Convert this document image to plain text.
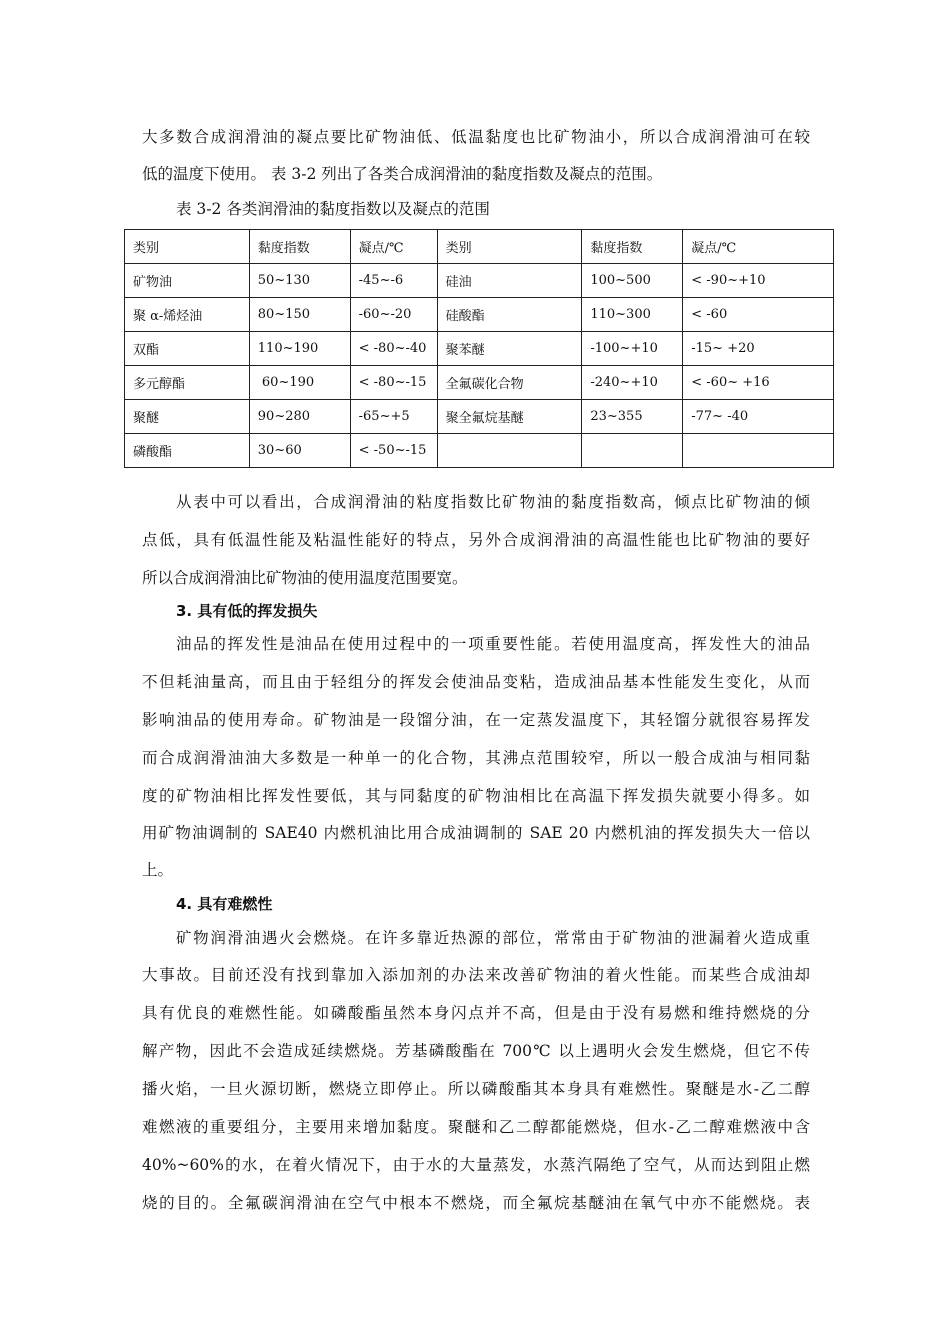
大多数合成润滑油的凝点要比矿物油低、低温黏度也比矿物油小，所以合成润滑油可在较
低的温度下使用。 表 3-2 列出了各类合成润滑油的黏度指数及凝点的范围。
表 3-2 各类润滑油的黏度指数以及凝点的范围
类别	黏度指数	凝点/℃	类别	黏度指数	凝点/℃
矿物油	50~130	-45~-6	硅油	100~500	< -90~+10
聚 α-烯烃油	80~150	-60~-20	硅酸酯	110~300	< -60
双酯	110~190	< -80~-40	聚苯醚	-100~+10	-15~ +20
多元醇酯	60~190	< -80~-15	全氟碳化合物	-240~+10	< -60~ +16
聚醚	90~280	-65~+5	聚全氟烷基醚	23~355	-77~ -40
磷酸酯	30~60	< -50~-15			
从表中可以看出，合成润滑油的粘度指数比矿物油的黏度指数高，倾点比矿物油的倾
点低，具有低温性能及粘温性能好的特点，另外合成润滑油的高温性能也比矿物油的要好
所以合成润滑油比矿物油的使用温度范围要宽。
3. 具有低的挥发损失
油品的挥发性是油品在使用过程中的一项重要性能。若使用温度高，挥发性大的油品
不但耗油量高，而且由于轻组分的挥发会使油品变粘，造成油品基本性能发生变化，从而
影响油品的使用寿命。矿物油是一段馏分油，在一定蒸发温度下，其轻馏分就很容易挥发
而合成润滑油油大多数是一种单一的化合物，其沸点范围较窄，所以一般合成油与相同黏
度的矿物油相比挥发性要低，其与同黏度的矿物油相比在高温下挥发损失就要小得多。如
用矿物油调制的 SAE40 内燃机油比用合成油调制的 SAE 20 内燃机油的挥发损失大一倍以
上。
4. 具有难燃性
矿物润滑油遇火会燃烧。在许多靠近热源的部位，常常由于矿物油的泄漏着火造成重
大事故。目前还没有找到靠加入添加剂的办法来改善矿物油的着火性能。而某些合成油却
具有优良的难燃性能。如磷酸酯虽然本身闪点并不高，但是由于没有易燃和维持燃烧的分
解产物，因此不会造成延续燃烧。芳基磷酸酯在 700℃ 以上遇明火会发生燃烧，但它不传
播火焰，一旦火源切断，燃烧立即停止。所以磷酸酯其本身具有难燃性。聚醚是水-乙二醇
难燃液的重要组分，主要用来增加黏度。聚醚和乙二醇都能燃烧，但水-乙二醇难燃液中含
40%~60%的水，在着火情况下，由于水的大量蒸发，水蒸汽隔绝了空气，从而达到阻止燃
烧的目的。全氟碳润滑油在空气中根本不燃烧，而全氟烷基醚油在氧气中亦不能燃烧。表
